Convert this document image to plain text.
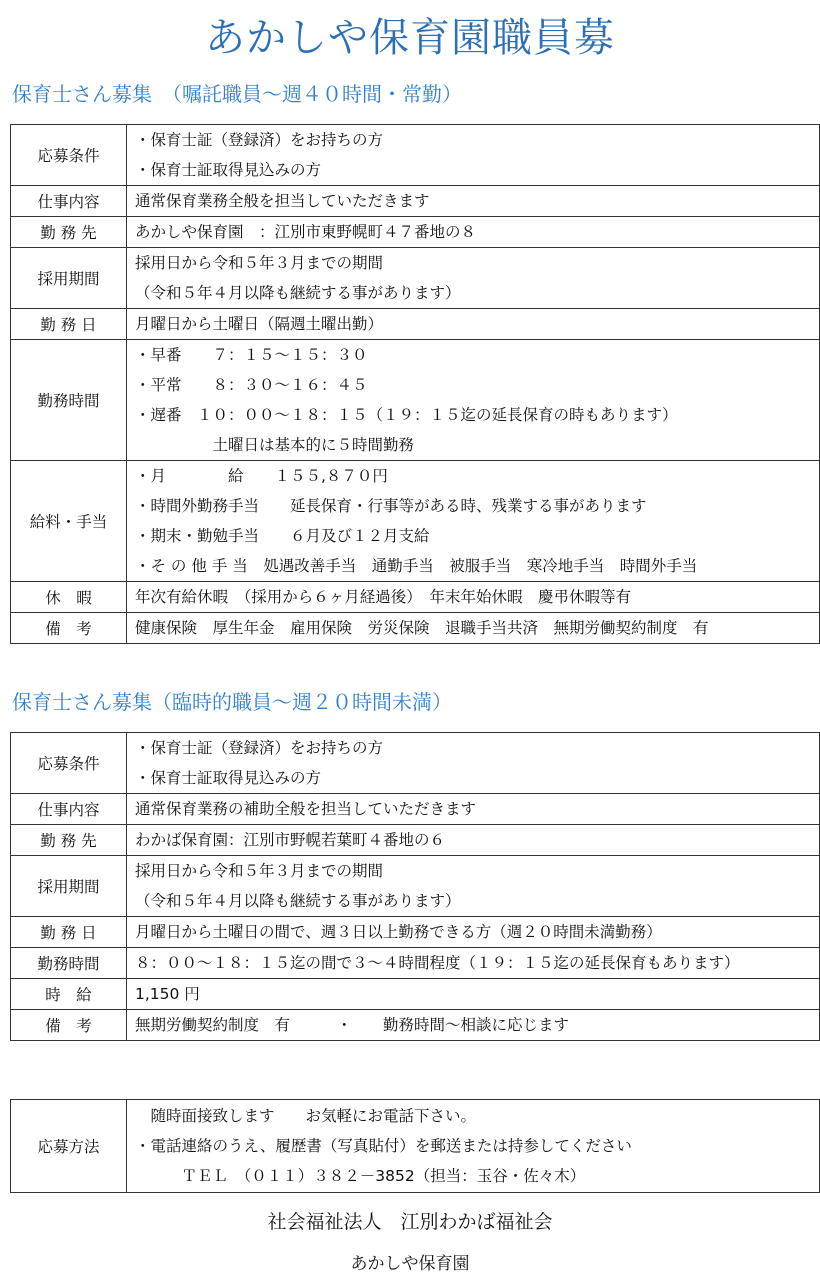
あかしや保育園職員募
保育士さん募集　（嘱託職員～週４０時間・常勤）
応募条件	・保育士証（登録済）をお持ちの方
・保育士証取得見込みの方

仕事内容	通常保育業務全般を担当していただきます

勤 務 先	あかしや保育園　：江別市東野幌町４７番地の８

採用期間	採用日から令和５年３月までの期間
（令和５年４月以降も継続する事があります）

勤 務 日	月曜日から土曜日（隔週土曜出勤）

勤務時間	・早番　　７：１５～１５：３０
・平常　　８：３０～１６：４５
・遅番　１０：００～１８：１５（１９：１５迄の延長保育の時もあります）
　　　　　土曜日は基本的に５時間勤務

給料・手当	・月　　　　給　　１５５,８７０円
・時間外勤務手当　　延長保育・行事等がある時、残業する事があります
・期末・勤勉手当　　６月及び１２月支給
・そ の 他 手 当　処遇改善手当　通勤手当　被服手当　寒冷地手当　時間外手当

休　暇	年次有給休暇　（採用から６ヶ月経過後）　年末年始休暇　慶弔休暇等有

備　考	健康保険　厚生年金　雇用保険　労災保険　退職手当共済　無期労働契約制度　有
保育士さん募集（臨時的職員～週２０時間未満）
応募条件	・保育士証（登録済）をお持ちの方
・保育士証取得見込みの方

仕事内容	通常保育業務の補助全般を担当していただきます

勤 務 先	わかば保育園：江別市野幌若葉町４番地の６

採用期間	採用日から令和５年３月までの期間
（令和５年４月以降も継続する事があります）

勤 務 日	月曜日から土曜日の間で、週３日以上勤務できる方（週２０時間未満勤務）

勤務時間	８：００～１８：１５迄の間で３～４時間程度（１９：１５迄の延長保育もあります）

時　給	1,150 円

備　考	無期労働契約制度　有　　　・　　勤務時間～相談に応じます
応募方法	
　随時面接致します　　お気軽にお電話下さい。
・電話連絡のうえ、履歴書（写真貼付）を郵送または持参してください
　　　ＴＥＬ　（０１１）３８２－3852（担当：玉谷・佐々木）
社会福祉法人　江別わかば福祉会
あかしや保育園
